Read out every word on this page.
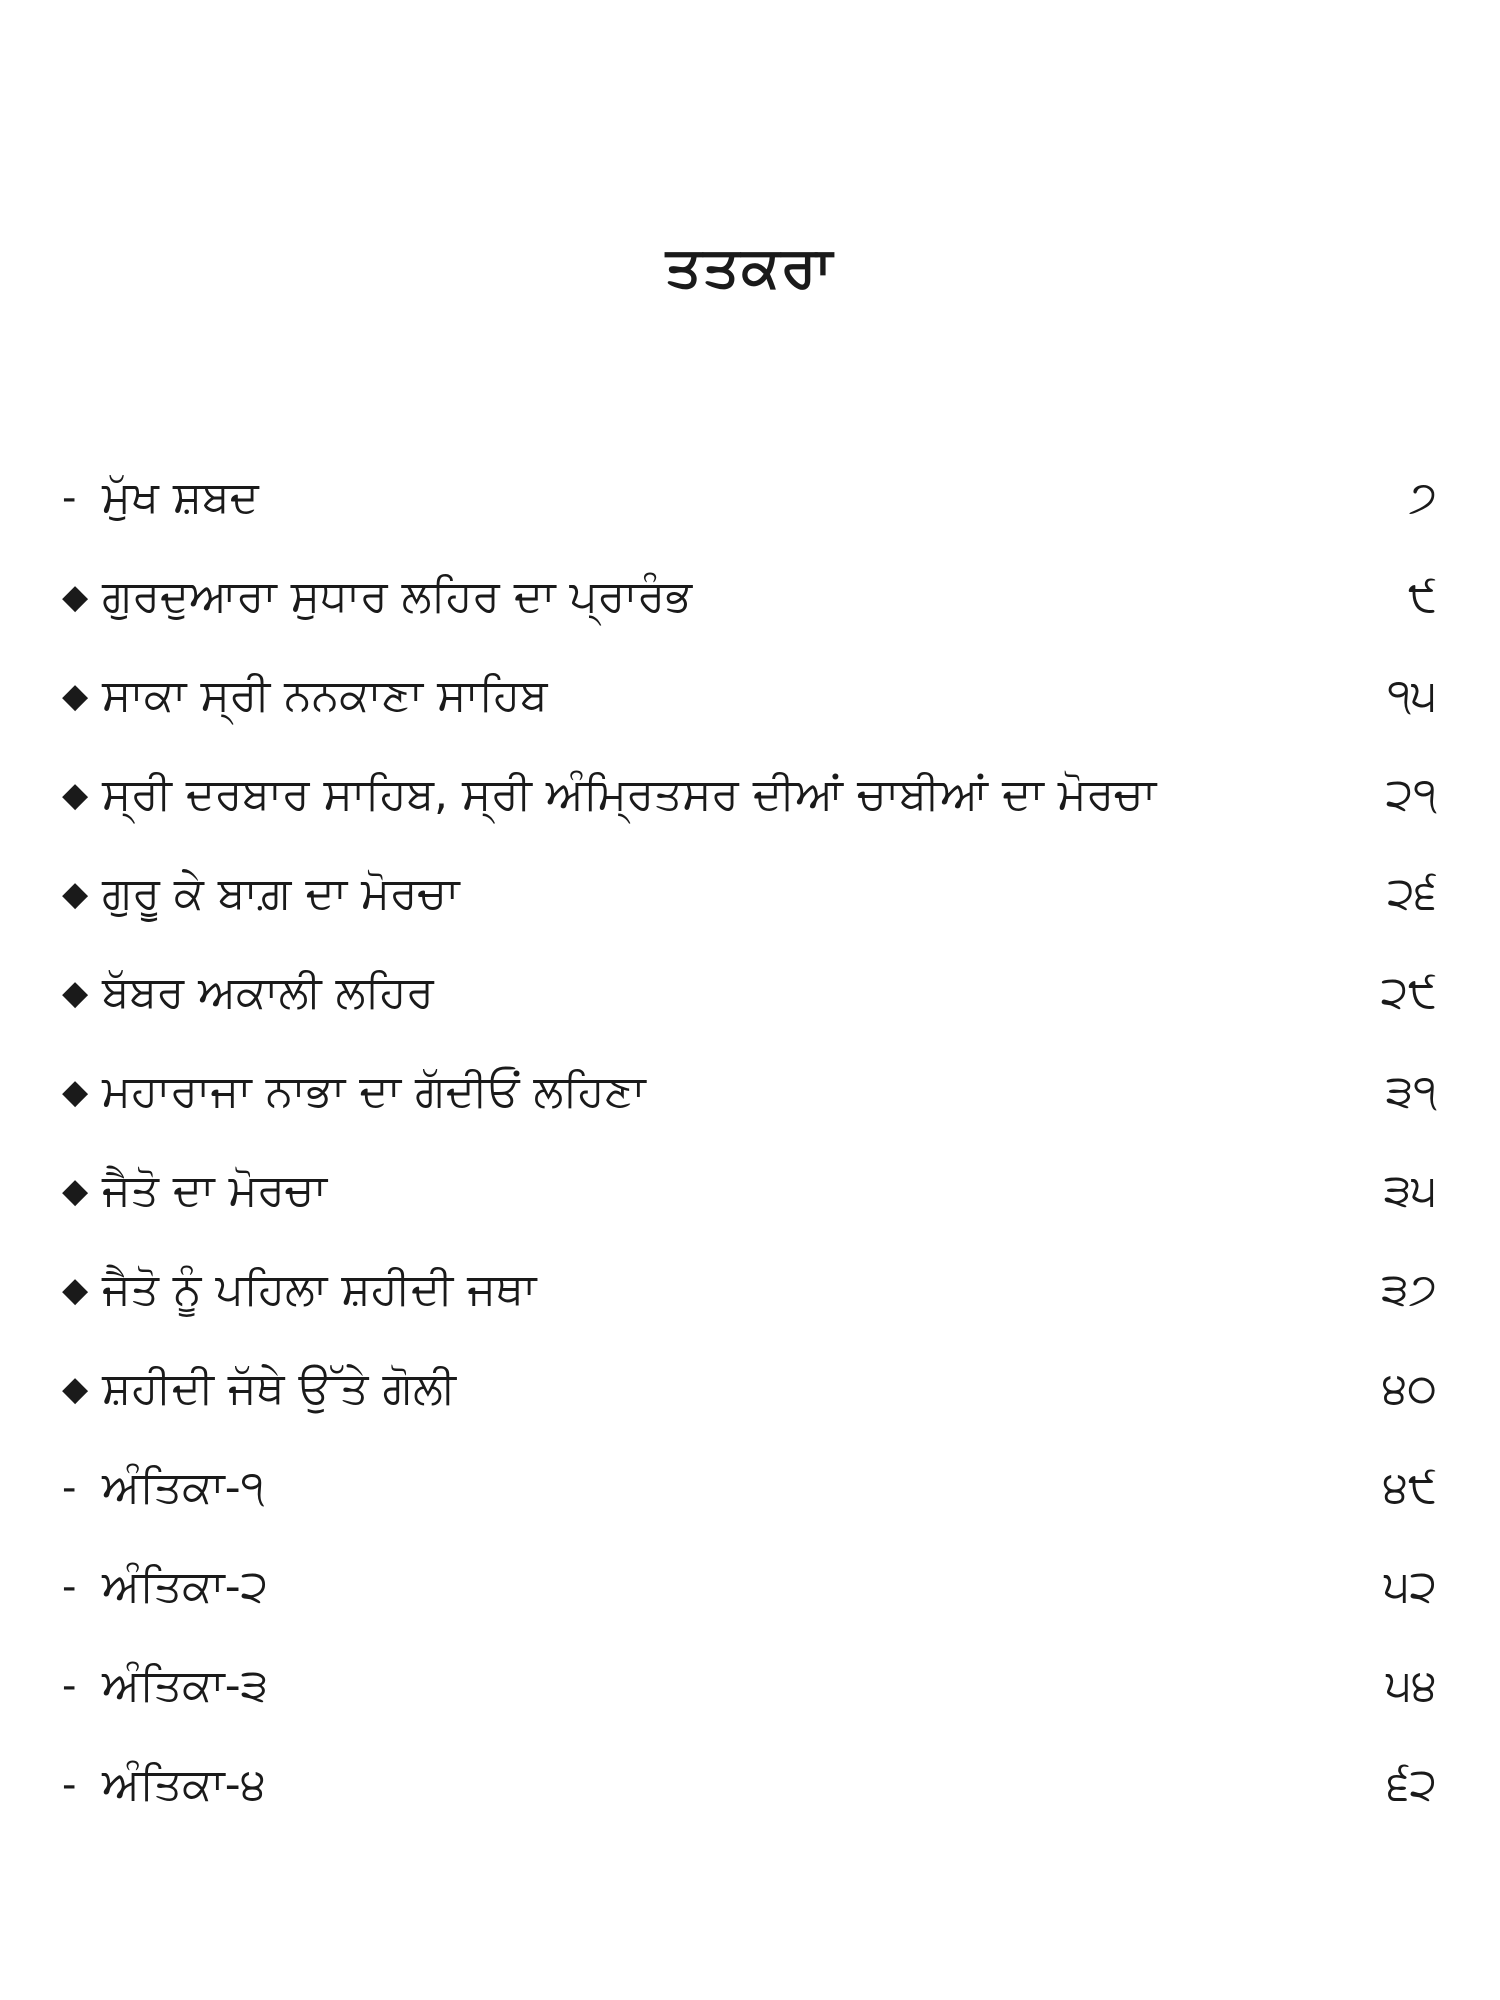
ਤਤਕਰਾ
- ਮੁੱਖ ਸ਼ਬਦ	੭
◆ ਗੁਰਦੁਆਰਾ ਸੁਧਾਰ ਲਹਿਰ ਦਾ ਪ੍ਰਾਰੰਭ	੯
◆ ਸਾਕਾ ਸ੍ਰੀ ਨਨਕਾਣਾ ਸਾਹਿਬ	੧੫
◆ ਸ੍ਰੀ ਦਰਬਾਰ ਸਾਹਿਬ, ਸ੍ਰੀ ਅੰਮ੍ਰਿਤਸਰ ਦੀਆਂ ਚਾਬੀਆਂ ਦਾ ਮੋਰਚਾ	੨੧
◆ ਗੁਰੂ ਕੇ ਬਾਗ਼ ਦਾ ਮੋਰਚਾ	੨੬
◆ ਬੱਬਰ ਅਕਾਲੀ ਲਹਿਰ	੨੯
◆ ਮਹਾਰਾਜਾ ਨਾਭਾ ਦਾ ਗੱਦੀਓਂ ਲਹਿਣਾ	੩੧
◆ ਜੈਤੋ ਦਾ ਮੋਰਚਾ	੩੫
◆ ਜੈਤੋ ਨੂੰ ਪਹਿਲਾ ਸ਼ਹੀਦੀ ਜਥਾ	੩੭
◆ ਸ਼ਹੀਦੀ ਜੱਥੇ ਉੱਤੇ ਗੋਲੀ	੪੦
- ਅੰਤਿਕਾ-੧	੪੯
- ਅੰਤਿਕਾ-੨	੫੨
- ਅੰਤਿਕਾ-੩	੫੪
- ਅੰਤਿਕਾ-੪	੬੨
